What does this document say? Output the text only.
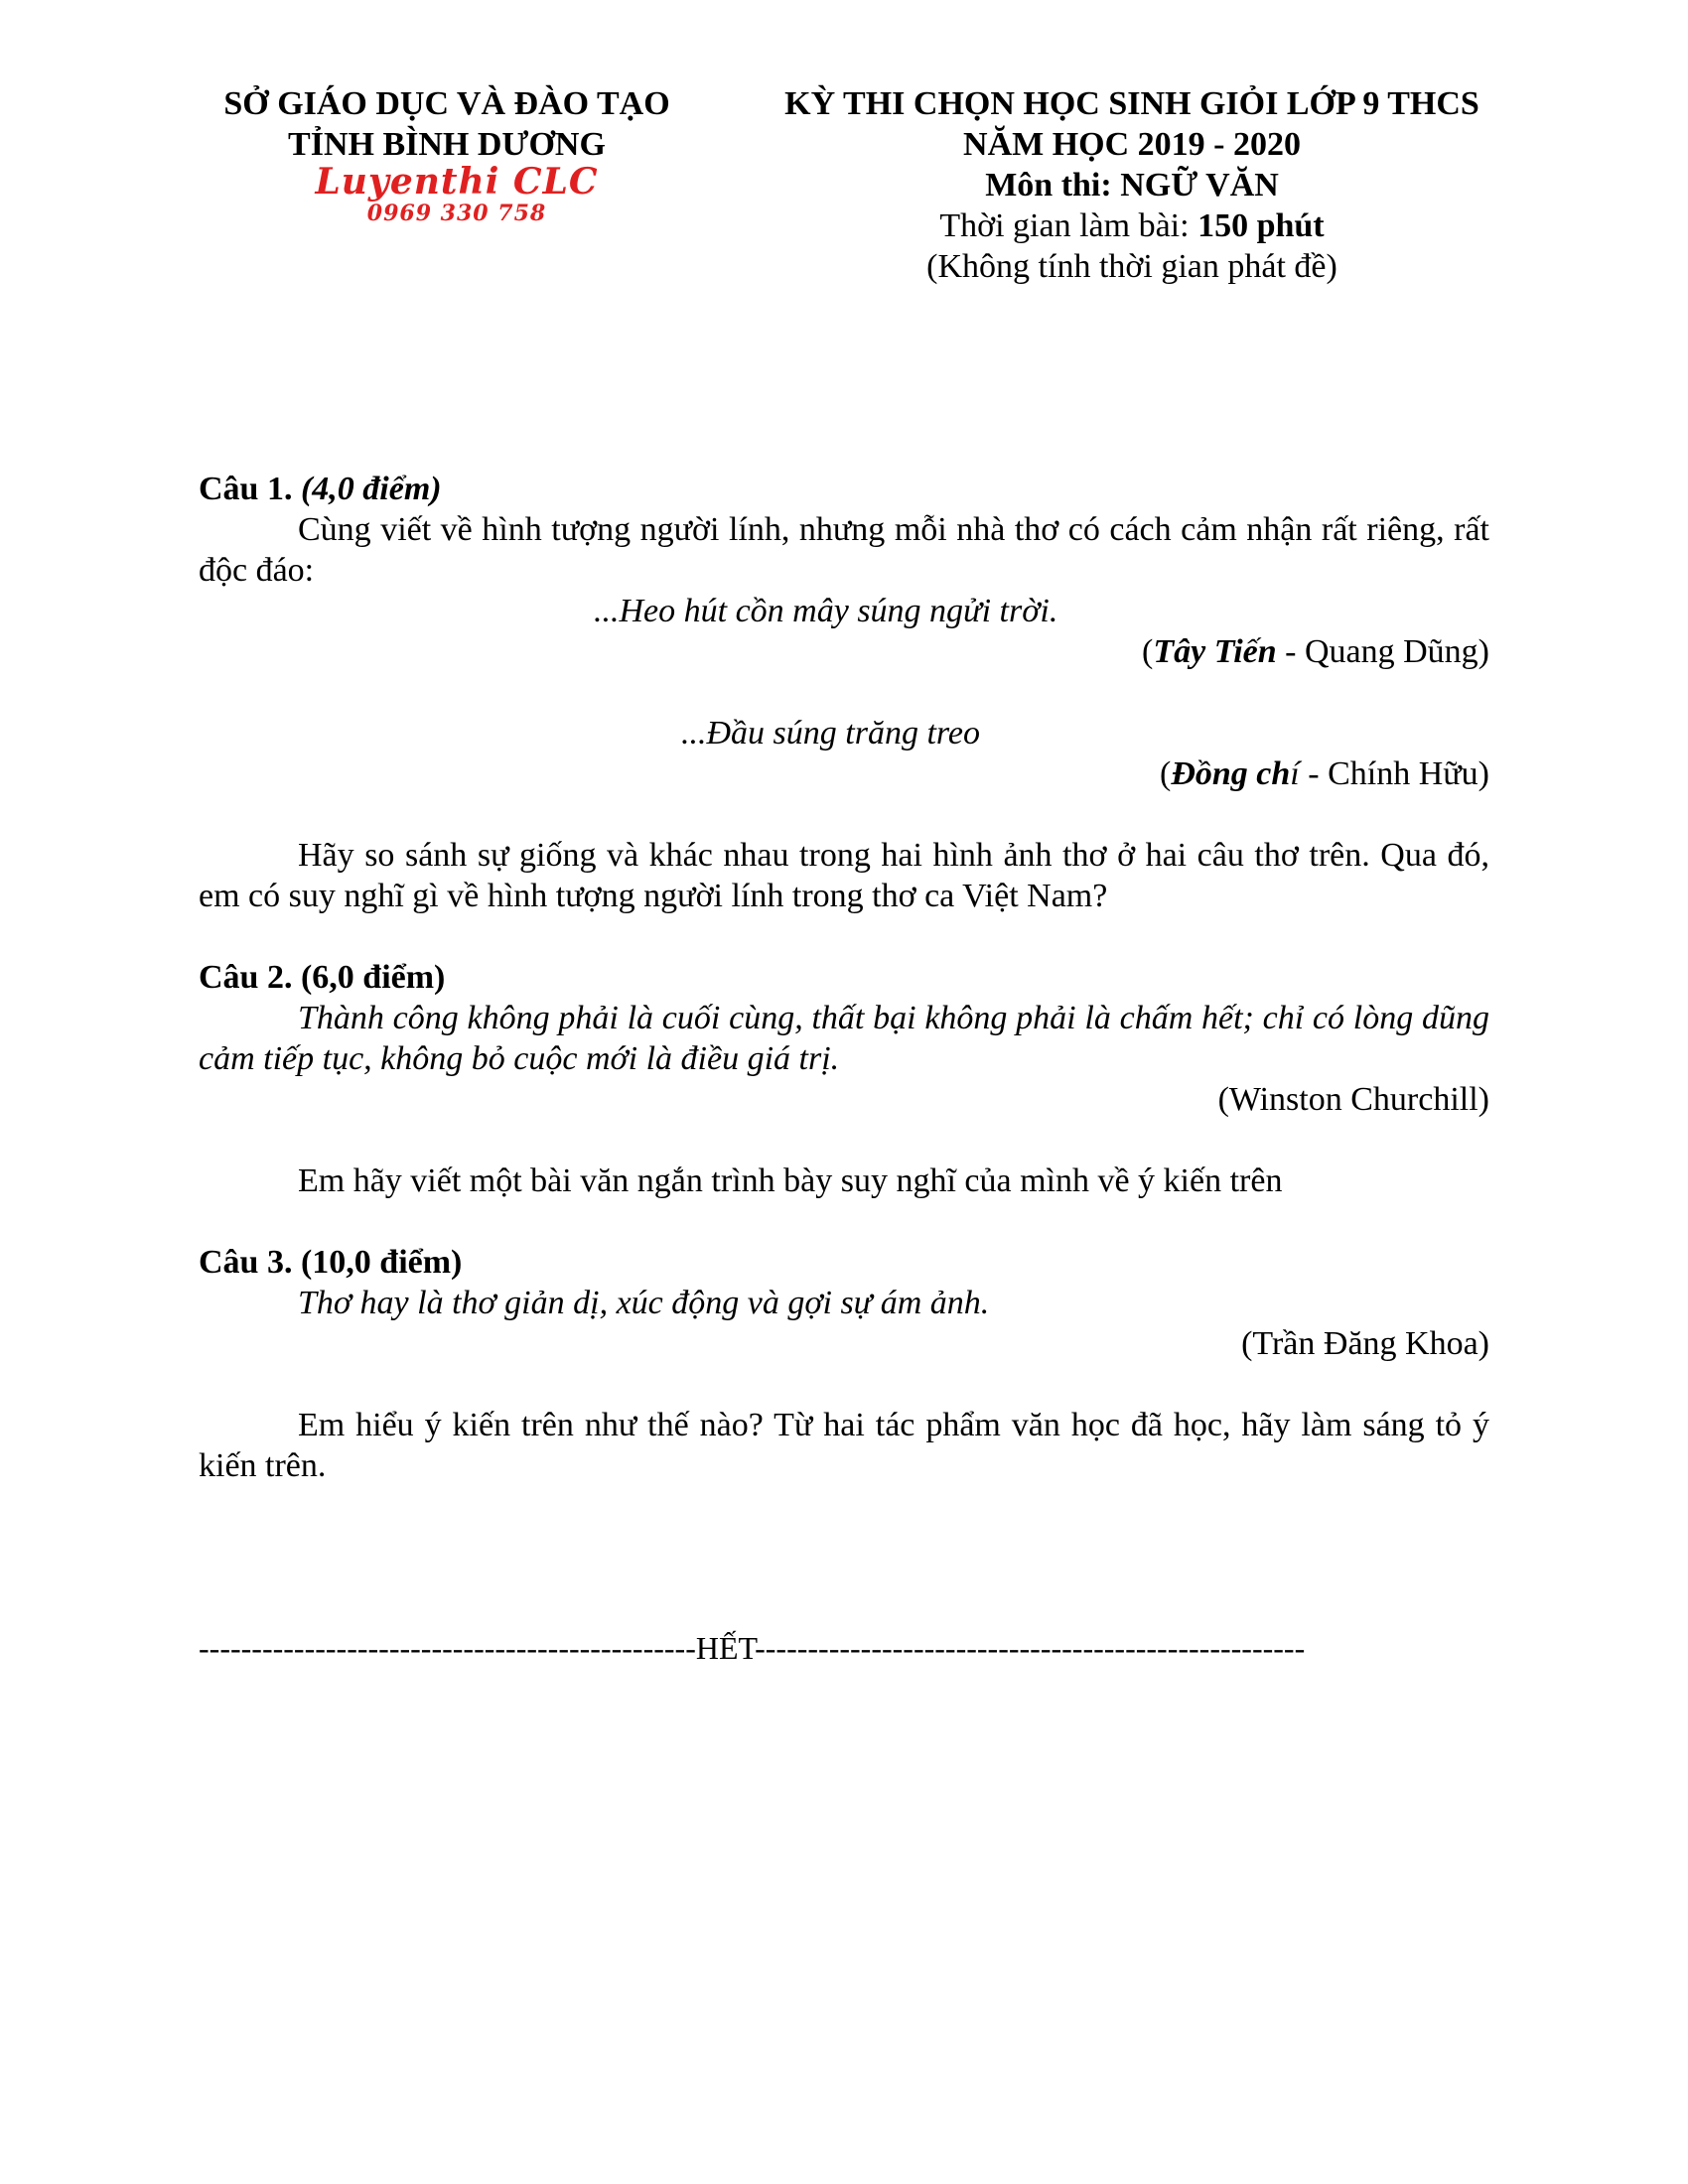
SỞ GIÁO DỤC VÀ ĐÀO TẠO
TỈNH BÌNH DƯƠNG
Luyenthi CLC
0969 330 758
KỲ THI CHỌN HỌC SINH GIỎI LỚP 9 THCS
NĂM HỌC 2019 - 2020
Môn thi: NGỮ VĂN
Thời gian làm bài: 150 phút
(Không tính thời gian phát đề)
Câu 1. (4,0 điểm)

Cùng viết về hình tượng người lính, nhưng mỗi nhà thơ có cách cảm nhận rất riêng, rất độc đáo:

...Heo hút cồn mây súng ngửi trời.
(Tây Tiến - Quang Dũng)
...Đầu súng trăng treo
(Đồng chí - Chính Hữu)

Hãy so sánh sự giống và khác nhau trong hai hình ảnh thơ ở hai câu thơ trên. Qua đó, em có suy nghĩ gì về hình tượng người lính trong thơ ca Việt Nam?

Câu 2. (6,0 điểm)

Thành công không phải là cuối cùng, thất bại không phải là chấm hết; chỉ có lòng dũng cảm tiếp tục, không bỏ cuộc mới là điều giá trị.

(Winston Churchill)

Em hãy viết một bài văn ngắn trình bày suy nghĩ của mình về ý kiến trên

Câu 3. (10,0 điểm)

Thơ hay là thơ giản dị, xúc động và gợi sự ám ảnh.

(Trần Đăng Khoa)

Em hiểu ý kiến trên như thế nào? Từ hai tác phẩm văn học đã học, hãy làm sáng tỏ ý kiến trên.

-----------------------------------------------HẾT----------------------------------------------------
